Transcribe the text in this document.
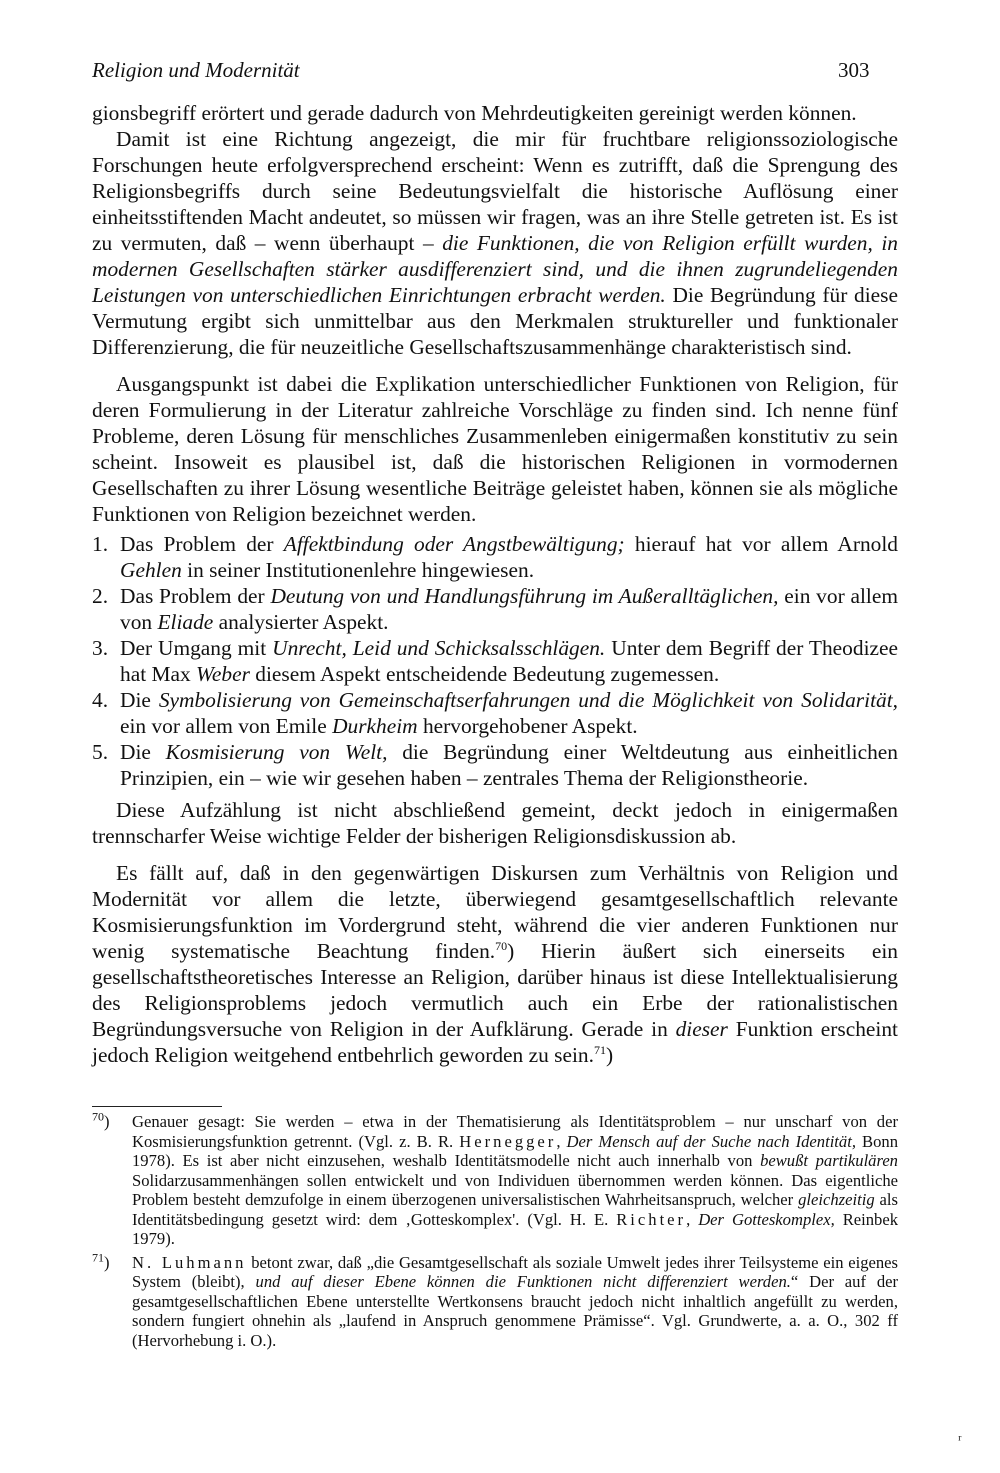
Religion und Modernität	303

gionsbegriff erörtert und gerade dadurch von Mehrdeutigkeiten gereinigt werden können.

Damit ist eine Richtung angezeigt, die mir für fruchtbare religionssoziologische Forschungen heute erfolgversprechend erscheint: Wenn es zutrifft, daß die Sprengung des Religionsbegriffs durch seine Bedeutungsvielfalt die historische Auflösung einer einheitsstiftenden Macht andeutet, so müssen wir fragen, was an ihre Stelle getreten ist. Es ist zu vermuten, daß – wenn überhaupt – die Funktionen, die von Religion erfüllt wurden, in modernen Gesellschaften stärker ausdifferenziert sind, und die ihnen zugrundeliegenden Leistungen von unterschiedlichen Einrichtungen erbracht werden. Die Begründung für diese Vermutung ergibt sich unmittelbar aus den Merkmalen struktureller und funktionaler Differenzierung, die für neuzeitliche Gesellschaftszusammenhänge charakteristisch sind.

Ausgangspunkt ist dabei die Explikation unterschiedlicher Funktionen von Religion, für deren Formulierung in der Literatur zahlreiche Vorschläge zu finden sind. Ich nenne fünf Probleme, deren Lösung für menschliches Zusammenleben einigermaßen konstitutiv zu sein scheint. Insoweit es plausibel ist, daß die historischen Religionen in vormodernen Gesellschaften zu ihrer Lösung wesentliche Beiträge geleistet haben, können sie als mögliche Funktionen von Religion bezeichnet werden.

1. Das Problem der Affektbindung oder Angstbewältigung; hierauf hat vor allem Arnold Gehlen in seiner Institutionenlehre hingewiesen.
2. Das Problem der Deutung von und Handlungsführung im Außeralltäglichen, ein vor allem von Eliade analysierter Aspekt.
3. Der Umgang mit Unrecht, Leid und Schicksalsschlägen. Unter dem Begriff der Theodizee hat Max Weber diesem Aspekt entscheidende Bedeutung zugemessen.
4. Die Symbolisierung von Gemeinschaftserfahrungen und die Möglichkeit von Solidarität, ein vor allem von Emile Durkheim hervorgehobener Aspekt.
5. Die Kosmisierung von Welt, die Begründung einer Weltdeutung aus einheitlichen Prinzipien, ein – wie wir gesehen haben – zentrales Thema der Religionstheorie.

Diese Aufzählung ist nicht abschließend gemeint, deckt jedoch in einigermaßen trennscharfer Weise wichtige Felder der bisherigen Religionsdiskussion ab.

Es fällt auf, daß in den gegenwärtigen Diskursen zum Verhältnis von Religion und Modernität vor allem die letzte, überwiegend gesamtgesellschaftlich relevante Kosmisierungsfunktion im Vordergrund steht, während die vier anderen Funktionen nur wenig systematische Beachtung finden.$^{70}$) Hierin äußert sich einerseits ein gesellschaftstheoretisches Interesse an Religion, darüber hinaus ist diese Intellektualisierung des Religionsproblems jedoch vermutlich auch ein Erbe der rationalistischen Begründungsversuche von Religion in der Aufklärung. Gerade in dieser Funktion erscheint jedoch Religion weitgehend entbehrlich geworden zu sein.$^{71}$)

$^{70}$)	Genauer gesagt: Sie werden – etwa in der Thematisierung als Identitätsproblem – nur unscharf von der Kosmisierungsfunktion getrennt. (Vgl. z. B. R. Hernegger, Der Mensch auf der Suche nach Identität, Bonn 1978). Es ist aber nicht einzusehen, weshalb Identitätsmodelle nicht auch innerhalb von bewußt partikulären Solidarzusammenhängen sollen entwickelt und von Individuen übernommen werden können. Das eigentliche Problem besteht demzufolge in einem überzogenen universalistischen Wahrheitsanspruch, welcher gleichzeitig als Identitätsbedingung gesetzt wird: dem ‚Gotteskomplex'. (Vgl. H. E. Richter, Der Gotteskomplex, Reinbek 1979).
$^{71}$)	N. Luhmann betont zwar, daß „die Gesamtgesellschaft als soziale Umwelt jedes ihrer Teilsysteme ein eigenes System (bleibt), und auf dieser Ebene können die Funktionen nicht differenziert werden.“ Der auf der gesamtgesellschaftlichen Ebene unterstellte Wertkonsens braucht jedoch nicht inhaltlich angefüllt zu werden, sondern fungiert ohnehin als „laufend in Anspruch genommene Prämisse“. Vgl. Grundwerte, a. a. O., 302 ff (Hervorhebung i. O.).
ʳ
